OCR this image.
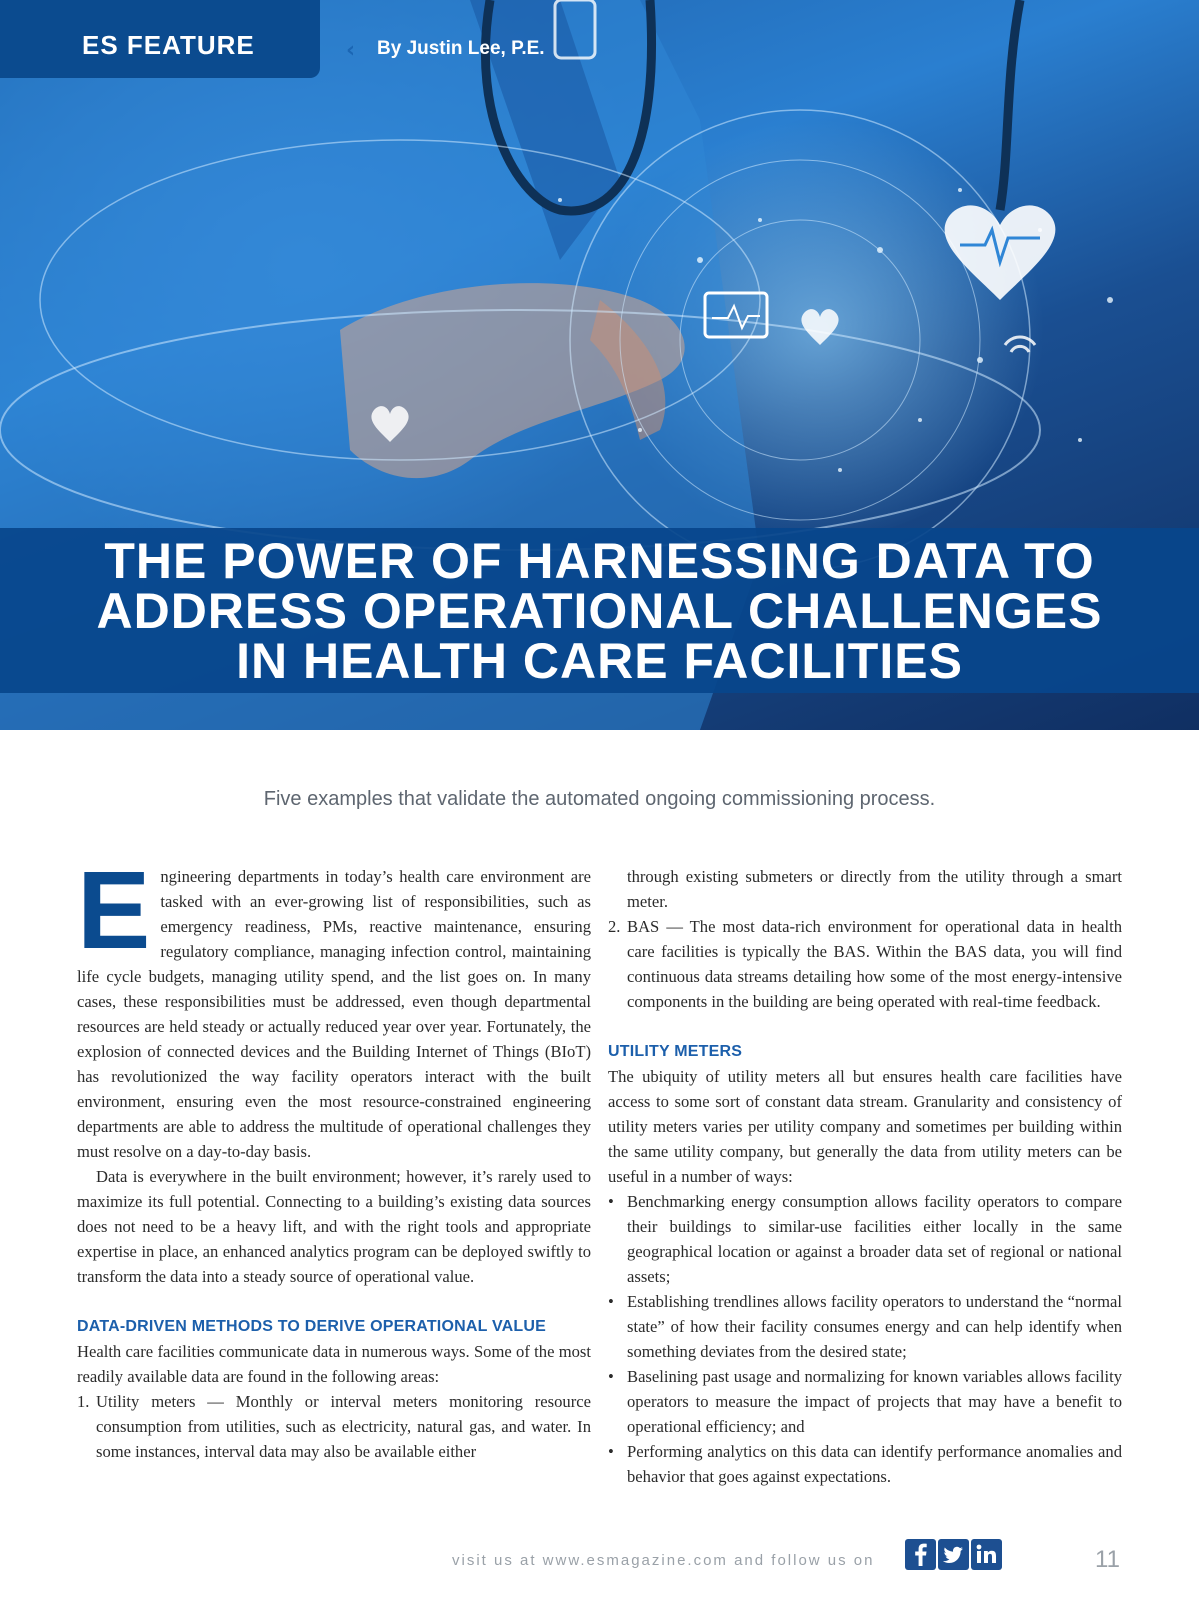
ES FEATURE	‹ By Justin Lee, P.E.
THE POWER OF HARNESSING DATA TO
ADDRESS OPERATIONAL CHALLENGES
IN HEALTH CARE FACILITIES
Five examples that validate the automated ongoing commissioning process.

Engineering departments in today’s health care environment are tasked with an ever-growing list of responsibilities, such as emergency readiness, PMs, reactive maintenance, ensuring regulatory compliance, managing infection control, maintaining life cycle budgets, managing utility spend, and the list goes on. In many cases, these responsibilities must be addressed, even though departmental resources are held steady or actually reduced year over year. Fortunately, the explosion of connected devices and the Building Internet of Things (BIoT) has revolutionized the way facility operators interact with the built environment, ensuring even the most resource-constrained engineering departments are able to address the multitude of operational challenges they must resolve on a day-to-day basis.

Data is everywhere in the built environment; however, it’s rarely used to maximize its full potential. Connecting to a building’s existing data sources does not need to be a heavy lift, and with the right tools and appropriate expertise in place, an enhanced analytics program can be deployed swiftly to transform the data into a steady source of operational value.

DATA-DRIVEN METHODS TO DERIVE OPERATIONAL VALUE

Health care facilities communicate data in numerous ways. Some of the most readily available data are found in the following areas:

1. Utility meters — Monthly or interval meters monitoring resource consumption from utilities, such as electricity, natural gas, and water. In some instances, interval data may also be available either
through existing submeters or directly from the utility through a smart meter.
2. BAS — The most data-rich environment for operational data in health care facilities is typically the BAS. Within the BAS data, you will find continuous data streams detailing how some of the most energy-intensive components in the building are being operated with real-time feedback.
UTILITY METERS

The ubiquity of utility meters all but ensures health care facilities have access to some sort of constant data stream. Granularity and consistency of utility meters varies per utility company and sometimes per building within the same utility company, but generally the data from utility meters can be useful in a number of ways:

• Benchmarking energy consumption allows facility operators to compare their buildings to similar-use facilities either locally in the same geographical location or against a broader data set of regional or national assets;
• Establishing trendlines allows facility operators to understand the “normal state” of how their facility consumes energy and can help identify when something deviates from the desired state;
• Baselining past usage and normalizing for known variables allows facility operators to measure the impact of projects that may have a benefit to operational efficiency; and
• Performing analytics on this data can identify performance anomalies and behavior that goes against expectations.
visit us at www.esmagazine.com and follow us on	11
